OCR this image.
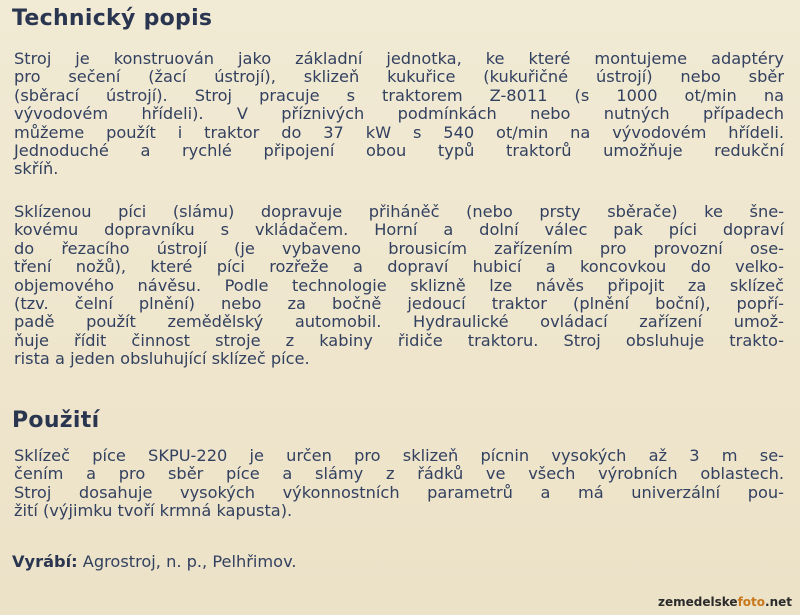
Technický popis
Stroj je konstruován jako základní jednotka, ke které montujeme adaptéry
pro sečení (žací ústrojí), sklizeň kukuřice (kukuřičné ústrojí) nebo sběr
(sběrací ústrojí). Stroj pracuje s traktorem Z-8011 (s 1000 ot/min na
vývodovém hřídeli). V příznivých podmínkách nebo nutných případech
můžeme použít i traktor do 37 kW s 540 ot/min na vývodovém hřídeli.
Jednoduché a rychlé připojení obou typů traktorů umožňuje redukční
skříň.
Sklízenou píci (slámu) dopravuje přiháněč (nebo prsty sběrače) ke šne-
kovému dopravníku s vkládačem. Horní a dolní válec pak píci dopraví
do řezacího ústrojí (je vybaveno brousicím zařízením pro provozní ose-
tření nožů), které píci rozřeže a dopraví hubicí a koncovkou do velko-
objemového návěsu. Podle technologie sklizně lze návěs připojit za sklízeč
(tzv. čelní plnění) nebo za bočně jedoucí traktor (plnění boční), popří-
padě použít zemědělský automobil. Hydraulické ovládací zařízení umož-
ňuje řídit činnost stroje z kabiny řidiče traktoru. Stroj obsluhuje trakto-
rista a jeden obsluhující sklízeč píce.
Použití
Sklízeč píce SKPU-220 je určen pro sklizeň pícnin vysokých až 3 m se-
čením a pro sběr píce a slámy z řádků ve všech výrobních oblastech.
Stroj dosahuje vysokých výkonnostních parametrů a má univerzální pou-
žití (výjimku tvoří krmná kapusta).
Vyrábí: Agrostroj, n. p., Pelhřimov.
zemedelskefoto.net
